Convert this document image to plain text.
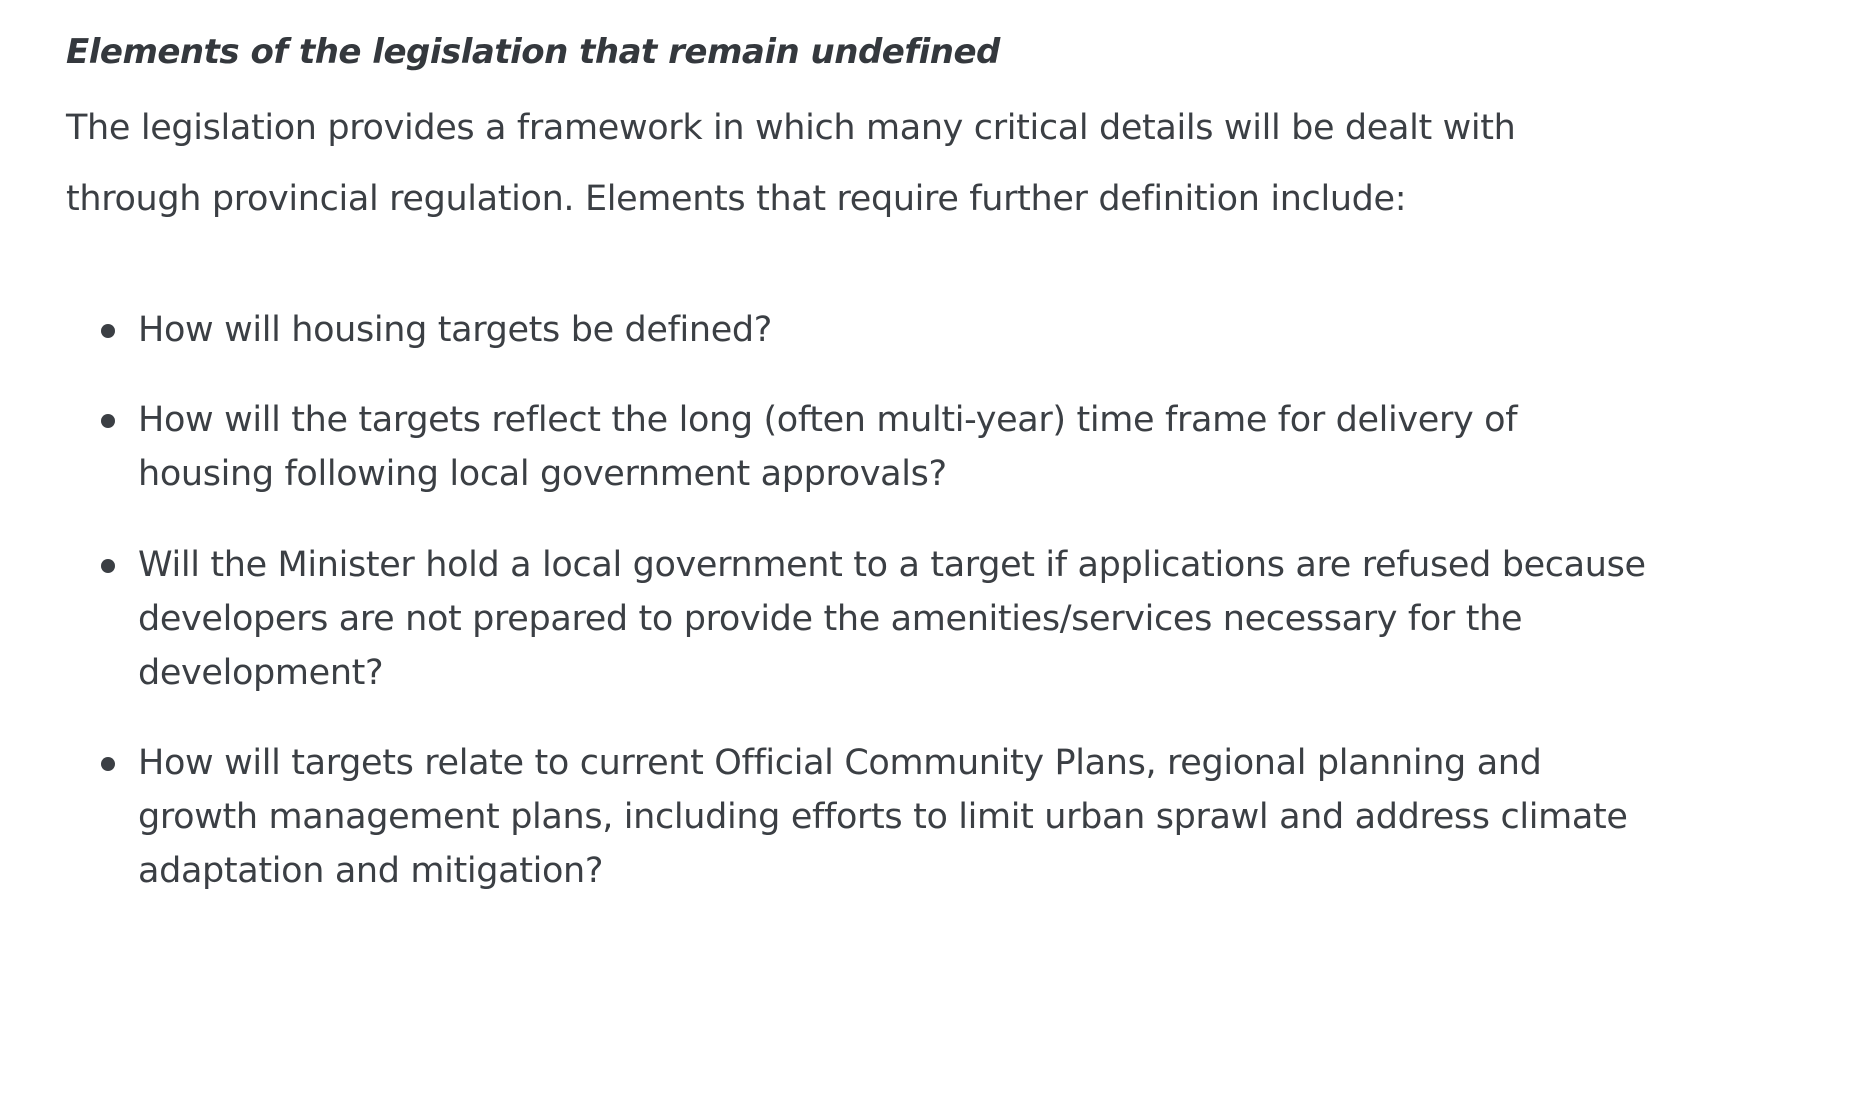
Elements of the legislation that remain undefined

The legislation provides a framework in which many critical details will be dealt with
through provincial regulation. Elements that require further definition include:

How will housing targets be defined?
How will the targets reflect the long (often multi-year) time frame for delivery of
housing following local government approvals?
Will the Minister hold a local government to a target if applications are refused because
developers are not prepared to provide the amenities/services necessary for the
development?
How will targets relate to current Official Community Plans, regional planning and
growth management plans, including efforts to limit urban sprawl and address climate
adaptation and mitigation?
